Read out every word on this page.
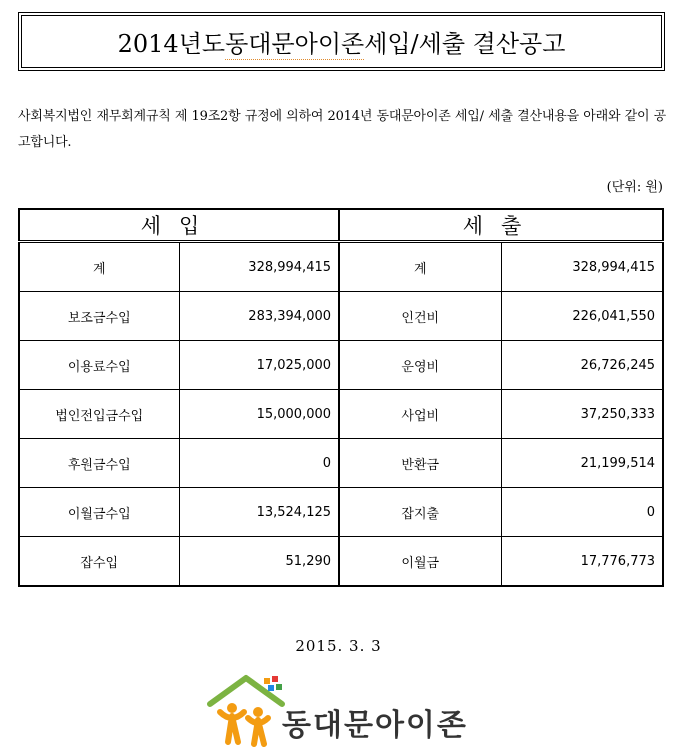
2014년도 동대문아이존 세입/세출 결산공고
사회복지법인 재무회계규칙 제 19조2항 규정에 의하여 2014년 동대문아이존 세입/ 세출 결산내용을 아래와 같이 공고합니다.
(단위: 원)
세입		세출	
계	328,994,415	계	328,994,415
보조금수입	283,394,000	인건비	226,041,550
이용료수입	17,025,000	운영비	26,726,245
법인전입금수입	15,000,000	사업비	37,250,333
후원금수입	0	반환금	21,199,514
이월금수입	13,524,125	잡지출	0
잡수입	51,290	이월금	17,776,773
2015. 3. 3
동대문아이존
